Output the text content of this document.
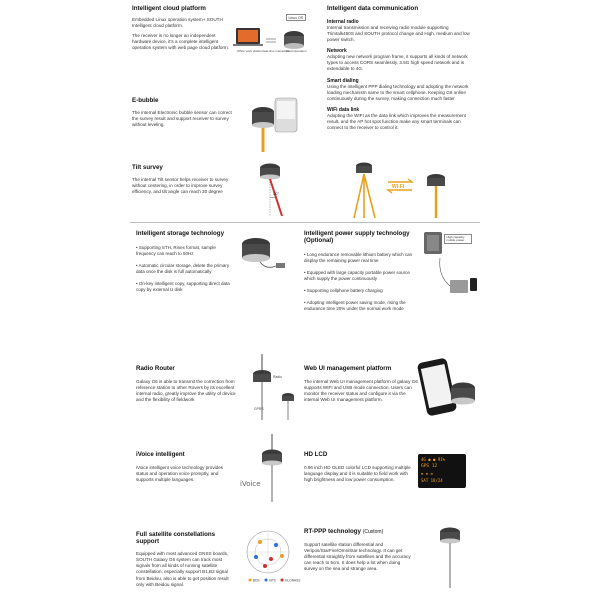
Intelligent cloud platform
Embedded Linux operation system+ SOUTH Intelligent cloud platform.
The receiver is no longer an independent hardware device, it's a complete intelligent operation system with web page cloud platform.
Office work platform real-time interaction
Field Operation
Linux OS
Intelligent data communication
Internal radio
Internal transmission and receiving radio module supporting Trimtalk450S and SOUTH protocol change and High, medium and low power switch.
Network
Adopting new network program frame, it supports all kinds of network types to access CORS seamlessly. 3.5G high speed network and is extendable to 4G.
Smart dialing
Using the intelligent PPP dialing technology and adopting the network loading mechanism same to the smart cellphone. Keeping G6 online continuously during the survey, making connection much faster
WiFi data link
Adopting the WIFI as the data link which improves the measurement result, and the AP hot spot function make any smart terminals can connect to the receiver to control it.
E-bubble
The internal Electronic bubble sensor can correct the survey result and support receiver to survey without leveling.
Tilt survey
The internal Tilt sensor helps receiver to survey without centering, in order to improve survey efficiency, and tilt angle can reach 30 degree	30°
WI-FI
Intelligent storage technology
• Supporting STH, Rinex format, sample frequency can reach to 50Hz
• Automatic circular storage, delete the primary data once the disk is full automatically
• On-key intelligent copy, supporting direct data copy by external U disk
Intelligent power supply technology (Optional)
• Long endurance removable lithium battery which can display the remaining power real time
• Equipped with large capacity portable power source which supply the power continuously
• Supporting cellphone battery charging
• Adopting intelligent power saving mode, rising the endurance time 20% under the normal work mode
High capacity mobile power
Radio Router
Galaxy G6 is able to transmit the correction from reference station to other Rovers by its excellent internal radio, greatly improve the utility of device and the flexibility of fieldwork
Radio
GPRS
Web UI management platform
The internal Web UI management platform of galaxy G6 supports WIFI and USB mode connection. Users can monitor the receiver status and configure it via the internal Web UI management platform.
iVoice intelligent
iVoice intelligent voice technology provides status and operation voice promptly, and supports multiple languages.
iVoice
HD LCD
0.96 inch HD OLED colorful LCD supporting multiple language display and it is suitable to field work with high brightness and low power consumption.
4G ● ● 91%
GPS 12
≡ ≡ ≡
SAT 18/24
Full satellite constellations support
Equipped with most advanced GNSS boards, SOUTH Galaxy G6 system can track most signals from all kinds of running satellite constellation, especially support B1,B2 signal from Beidou, also is able to get position result only with Beidou signal.
BDS	GPS	GLONASS
RT-PPP technology (Custom)
Support satellite station differential and Veripos/StarFire/OmniStar technology. It can get differential straightly from satellites and the accuracy can reach to 5cm. It does help a lot when doing survey on the sea and strange area.
